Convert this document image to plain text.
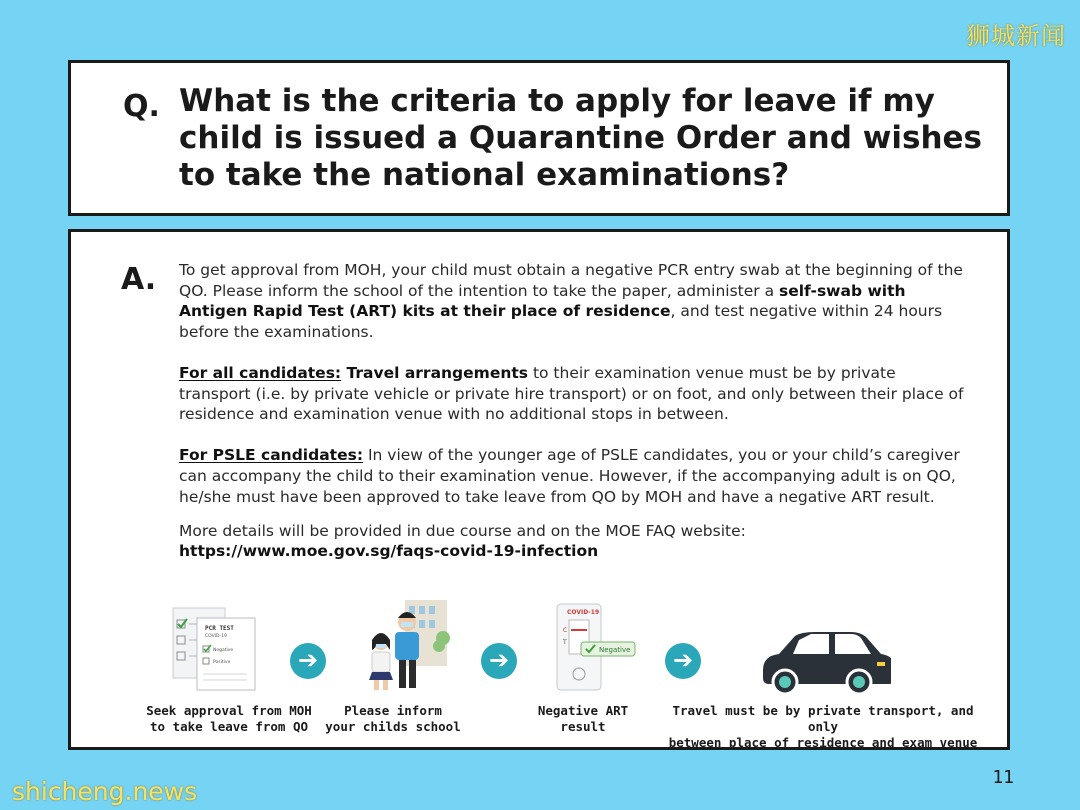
狮城新闻
Q. What is the criteria to apply for leave if my child is issued a Quarantine Order and wishes to take the national examinations?
A. To get approval from MOH, your child must obtain a negative PCR entry swab at the beginning of the QO. Please inform the school of the intention to take the paper, administer a self-swab with Antigen Rapid Test (ART) kits at their place of residence, and test negative within 24 hours before the examinations.

For all candidates: Travel arrangements to their examination venue must be by private transport (i.e. by private vehicle or private hire transport) or on foot, and only between their place of residence and examination venue with no additional stops in between.

For PSLE candidates: In view of the younger age of PSLE candidates, you or your child’s caregiver can accompany the child to their examination venue. However, if the accompanying adult is on QO, he/she must have been approved to take leave from QO by MOH and have a negative ART result.

More details will be provided in due course and on the MOE FAQ website:
https://www.moe.gov.sg/faqs-covid-19-infection

PCR TEST
COVID-19
Negative
Positive	➔	➔
COVID-19
C
T
Negative	➔
Seek approval from MOH
to take leave from QO
Please inform
your childs school
Negative ART
result
Travel must be by private transport, and only
between place of residence and exam venue
11
shicheng.news
